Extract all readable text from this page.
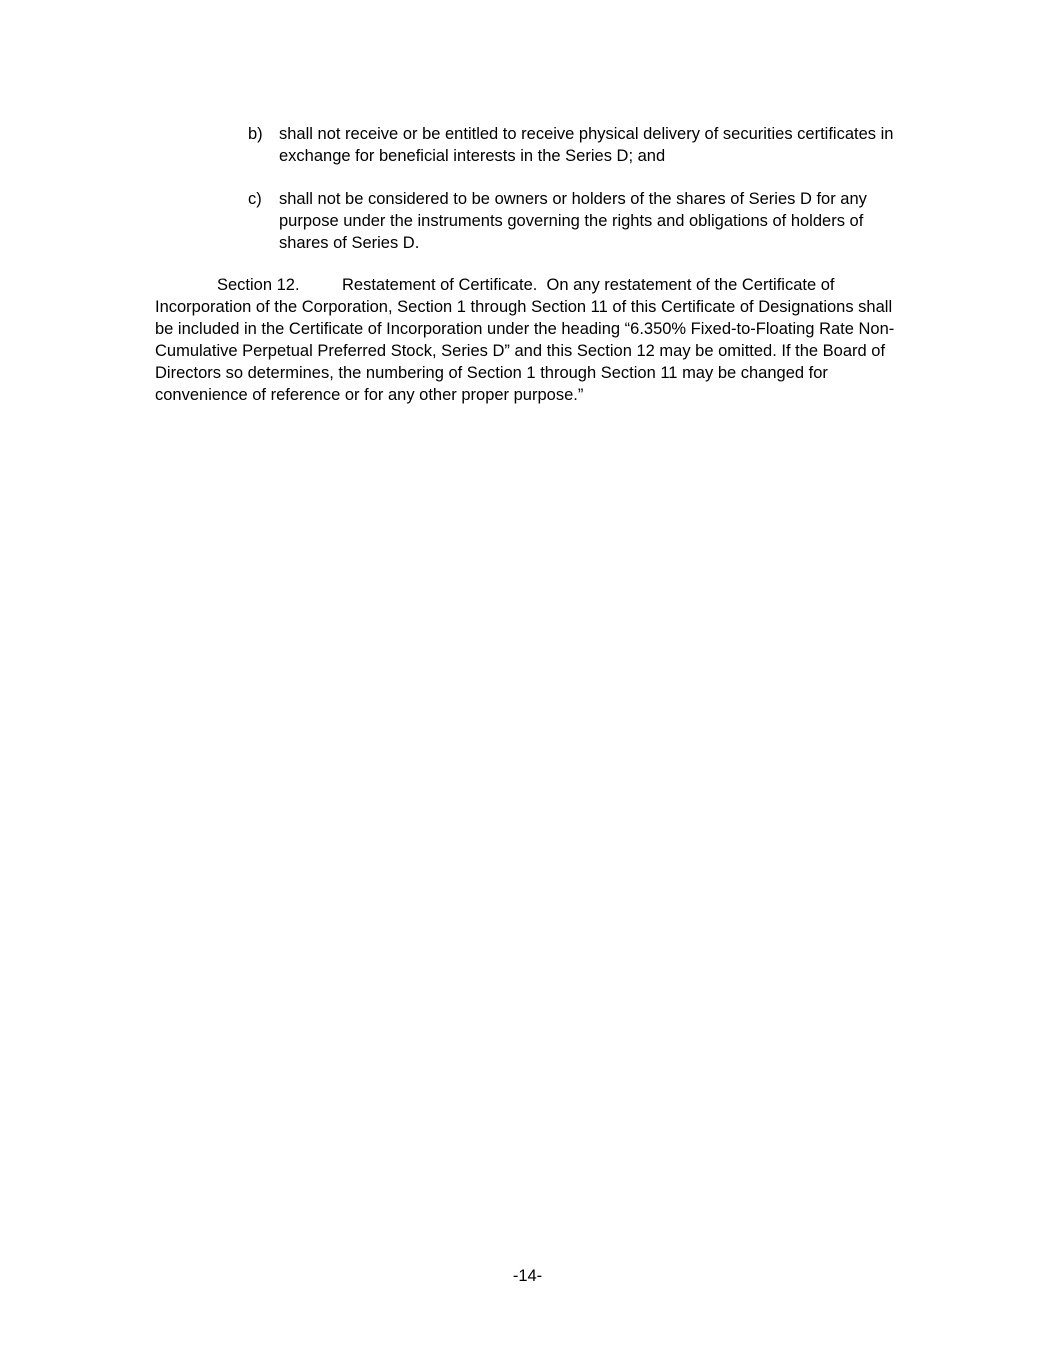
b) shall not receive or be entitled to receive physical delivery of securities certificates in exchange for beneficial interests in the Series D; and
c)	shall not be considered to be owners or holders of the shares of Series D for any purpose under the instruments governing the rights and obligations of holders of shares of Series D.
Section 12.	Restatement of Certificate. On any restatement of the Certificate of Incorporation of the Corporation, Section 1 through Section 11 of this Certificate of Designations shall be included in the Certificate of Incorporation under the heading “6.350% Fixed-to-Floating Rate Non-Cumulative Perpetual Preferred Stock, Series D” and this Section 12 may be omitted. If the Board of Directors so determines, the numbering of Section 1 through Section 11 may be changed for convenience of reference or for any other proper purpose.”
-14-
